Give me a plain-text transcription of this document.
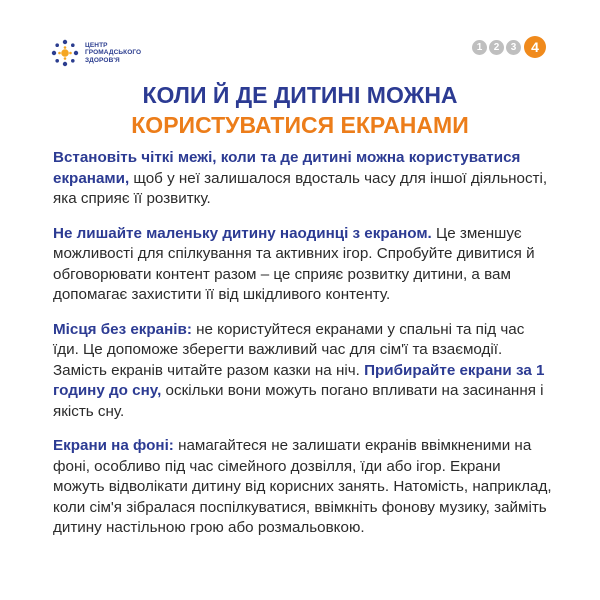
ЦЕНТР
ГРОМАДСЬКОГО
ЗДОРОВ'Я
1	2	3	4
КОЛИ Й ДЕ ДИТИНІ МОЖНА
КОРИСТУВАТИСЯ ЕКРАНАМИ

Встановіть чіткі межі, коли та де дитині можна користуватися екранами, щоб у неї залишалося вдосталь часу для іншої діяльності, яка сприяє її розвитку.

Не лишайте маленьку дитину наодинці з екраном. Це зменшує можливості для спілкування та активних ігор. Спробуйте дивитися й обговорювати контент разом – це сприяє розвитку дитини, а вам допомагає захистити її від шкідливого контенту.

Місця без екранів: не користуйтеся екранами у спальні та під час їди. Це допоможе зберегти важливий час для сім'ї та взаємодії. Замість екранів читайте разом казки на ніч. Прибирайте екрани за 1 годину до сну, оскільки вони можуть погано впливати на засинання і якість сну.

Екрани на фоні: намагайтеся не залишати екранів ввімкненими на фоні, особливо під час сімейного дозвілля, їди або ігор. Екрани можуть відволікати дитину від корисних занять. Натомість, наприклад, коли сім'я зібралася поспілкуватися, ввімкніть фонову музику, займіть дитину настільною грою або розмальовкою.
